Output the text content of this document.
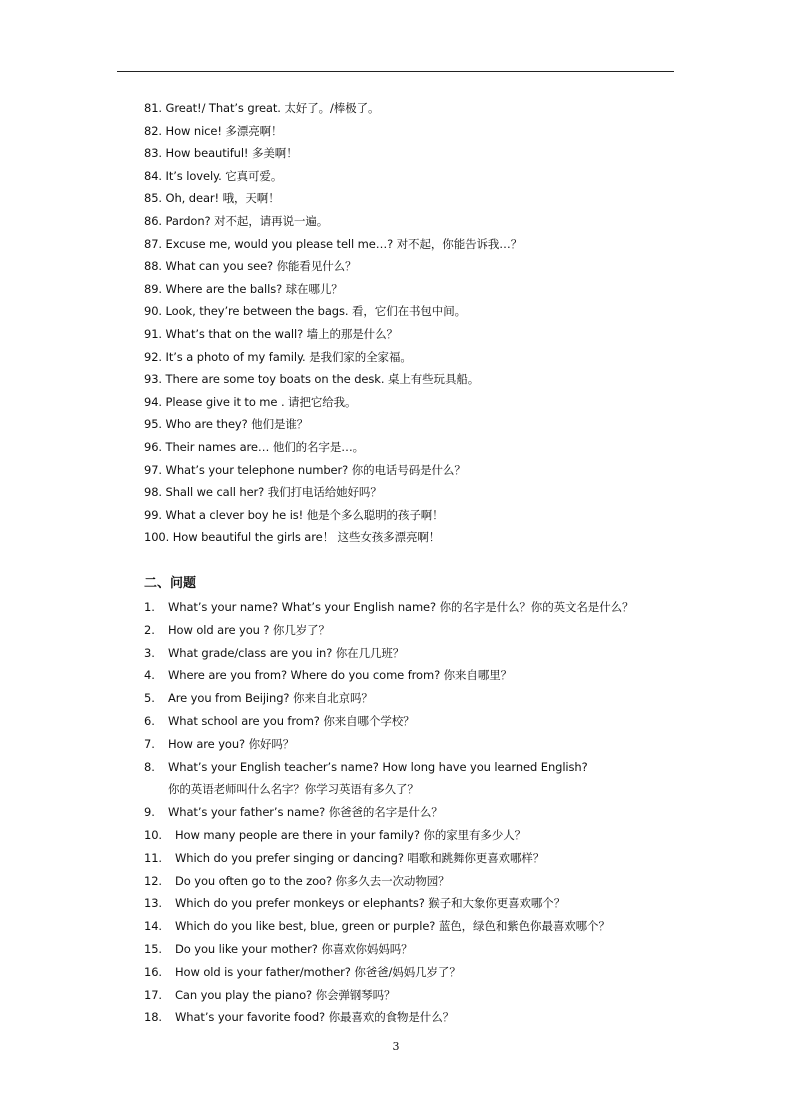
81. Great!/ That’s great. 太好了。/棒极了。
82. How nice! 多漂亮啊！
83. How beautiful! 多美啊！
84. It’s lovely. 它真可爱。
85. Oh, dear! 哦，天啊！
86. Pardon? 对不起，请再说一遍。
87. Excuse me, would you please tell me…? 对不起，你能告诉我…？
88. What can you see? 你能看见什么？
89. Where are the balls? 球在哪儿？
90. Look, they’re between the bags. 看，它们在书包中间。
91. What’s that on the wall? 墙上的那是什么？
92. It’s a photo of my family. 是我们家的全家福。
93. There are some toy boats on the desk. 桌上有些玩具船。
94. Please give it to me . 请把它给我。
95. Who are they? 他们是谁？
96. Their names are… 他们的名字是…。
97. What’s your telephone number? 你的电话号码是什么？
98. Shall we call her? 我们打电话给她好吗？
99. What a clever boy he is! 他是个多么聪明的孩子啊！
100. How beautiful the girls are！ 这些女孩多漂亮啊！
二、问题
1.	What’s your name? What’s your English name? 你的名字是什么？你的英文名是什么？
2.	How old are you ? 你几岁了？
3.	What grade/class are you in? 你在几几班？
4.	Where are you from? Where do you come from? 你来自哪里？
5.	Are you from Beijing? 你来自北京吗？
6.	What school are you from? 你来自哪个学校？
7.	How are you? 你好吗？
8.	What’s your English teacher’s name? How long have you learned English?
你的英语老师叫什么名字？你学习英语有多久了？
9.	What’s your father’s name? 你爸爸的名字是什么？
10.	How many people are there in your family? 你的家里有多少人？
11.	Which do you prefer singing or dancing? 唱歌和跳舞你更喜欢哪样？
12.	Do you often go to the zoo? 你多久去一次动物园？
13.	Which do you prefer monkeys or elephants? 猴子和大象你更喜欢哪个？
14.	Which do you like best, blue, green or purple? 蓝色，绿色和紫色你最喜欢哪个？
15.	Do you like your mother? 你喜欢你妈妈吗？
16.	How old is your father/mother? 你爸爸/妈妈几岁了？
17.	Can you play the piano? 你会弹钢琴吗？
18.	What’s your favorite food? 你最喜欢的食物是什么？
3
